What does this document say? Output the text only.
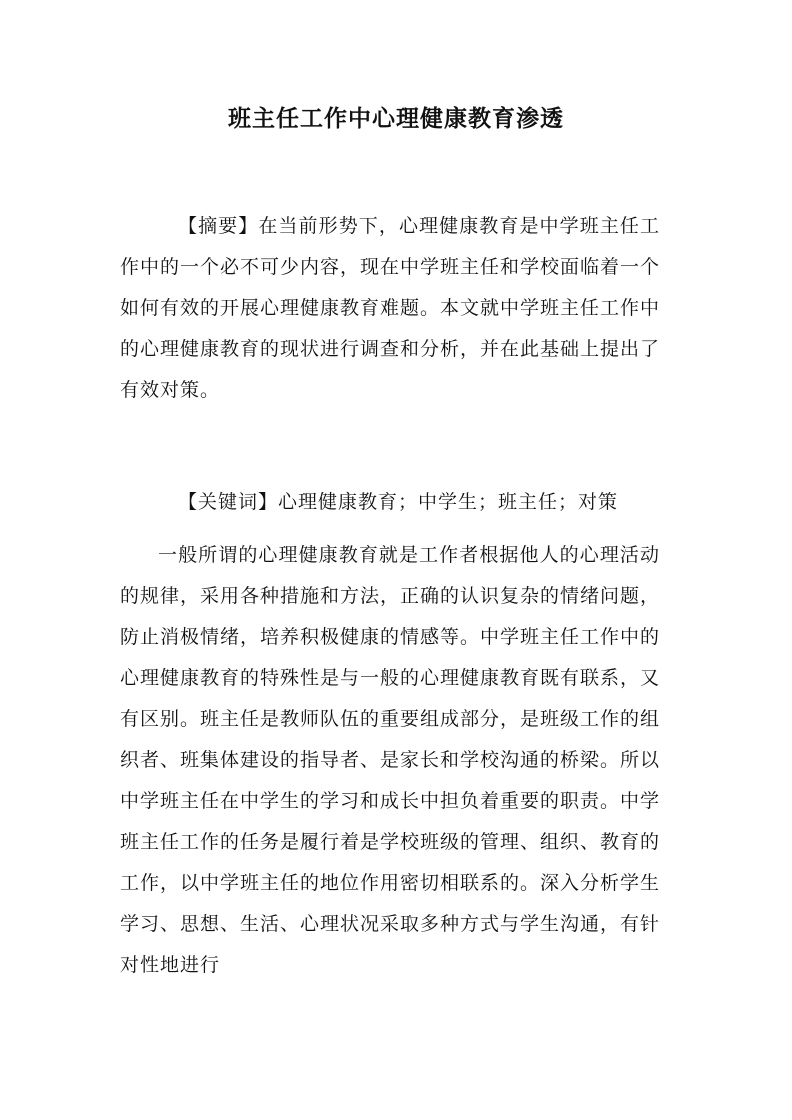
班主任工作中心理健康教育渗透

【摘要】在当前形势下，心理健康教育是中学班主任工作中的一个必不可少内容，现在中学班主任和学校面临着一个如何有效的开展心理健康教育难题。本文就中学班主任工作中的心理健康教育的现状进行调查和分析，并在此基础上提出了有效对策。

【关键词】心理健康教育；中学生；班主任；对策

一般所谓的心理健康教育就是工作者根据他人的心理活动的规律，采用各种措施和方法，正确的认识复杂的情绪问题，防止消极情绪，培养积极健康的情感等。中学班主任工作中的心理健康教育的特殊性是与一般的心理健康教育既有联系，又有区别。班主任是教师队伍的重要组成部分，是班级工作的组织者、班集体建设的指导者、是家长和学校沟通的桥梁。所以中学班主任在中学生的学习和成长中担负着重要的职责。中学班主任工作的任务是履行着是学校班级的管理、组织、教育的工作，以中学班主任的地位作用密切相联系的。深入分析学生学习、思想、生活、心理状况采取多种方式与学生沟通，有针对性地进行
